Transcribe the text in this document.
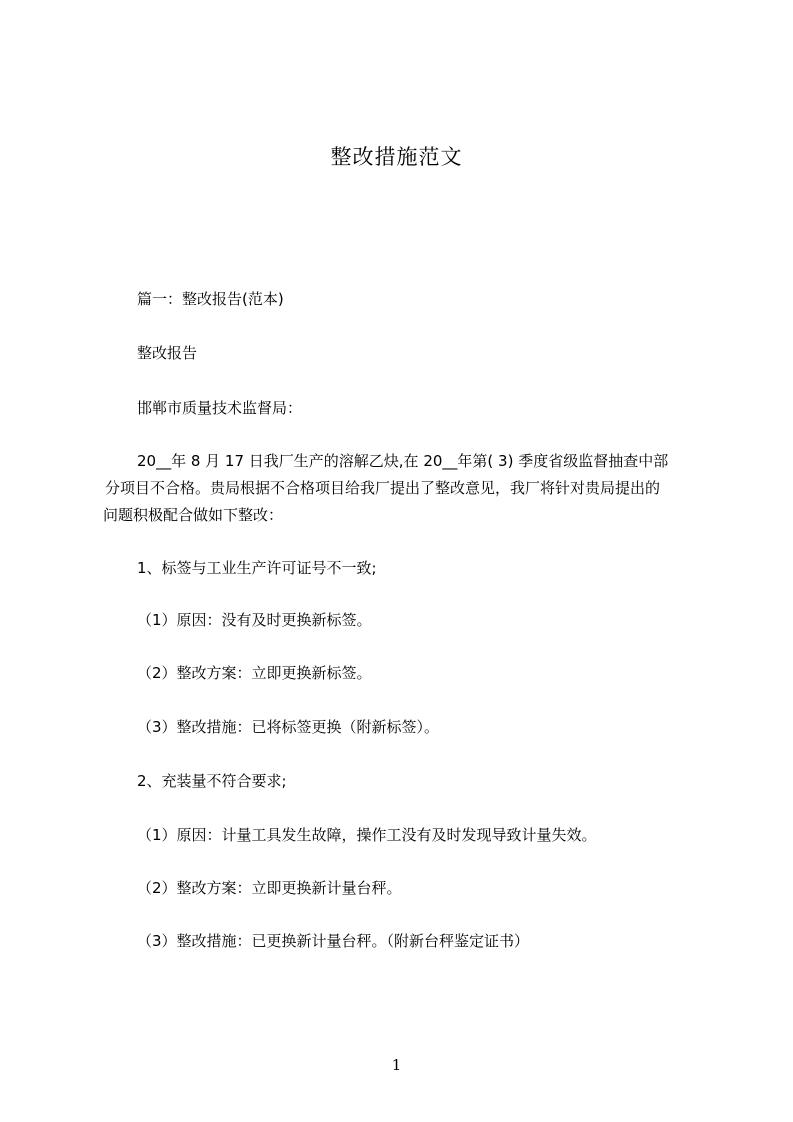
整改措施范文
篇一：整改报告(范本)
整改报告
邯郸市质量技术监督局：
20__年 8 月 17 日我厂生产的溶解乙炔,在 20__年第( 3) 季度省级监督抽查中部
分项目不合格。贵局根据不合格项目给我厂提出了整改意见，我厂将针对贵局提出的
问题积极配合做如下整改：
1、标签与工业生产许可证号不一致;
（1）原因：没有及时更换新标签。
（2）整改方案：立即更换新标签。
（3）整改措施：已将标签更换（附新标签）。
2、充装量不符合要求;
（1）原因：计量工具发生故障，操作工没有及时发现导致计量失效。
（2）整改方案：立即更换新计量台秤。
（3）整改措施：已更换新计量台秤。（附新台秤鉴定证书）
1
